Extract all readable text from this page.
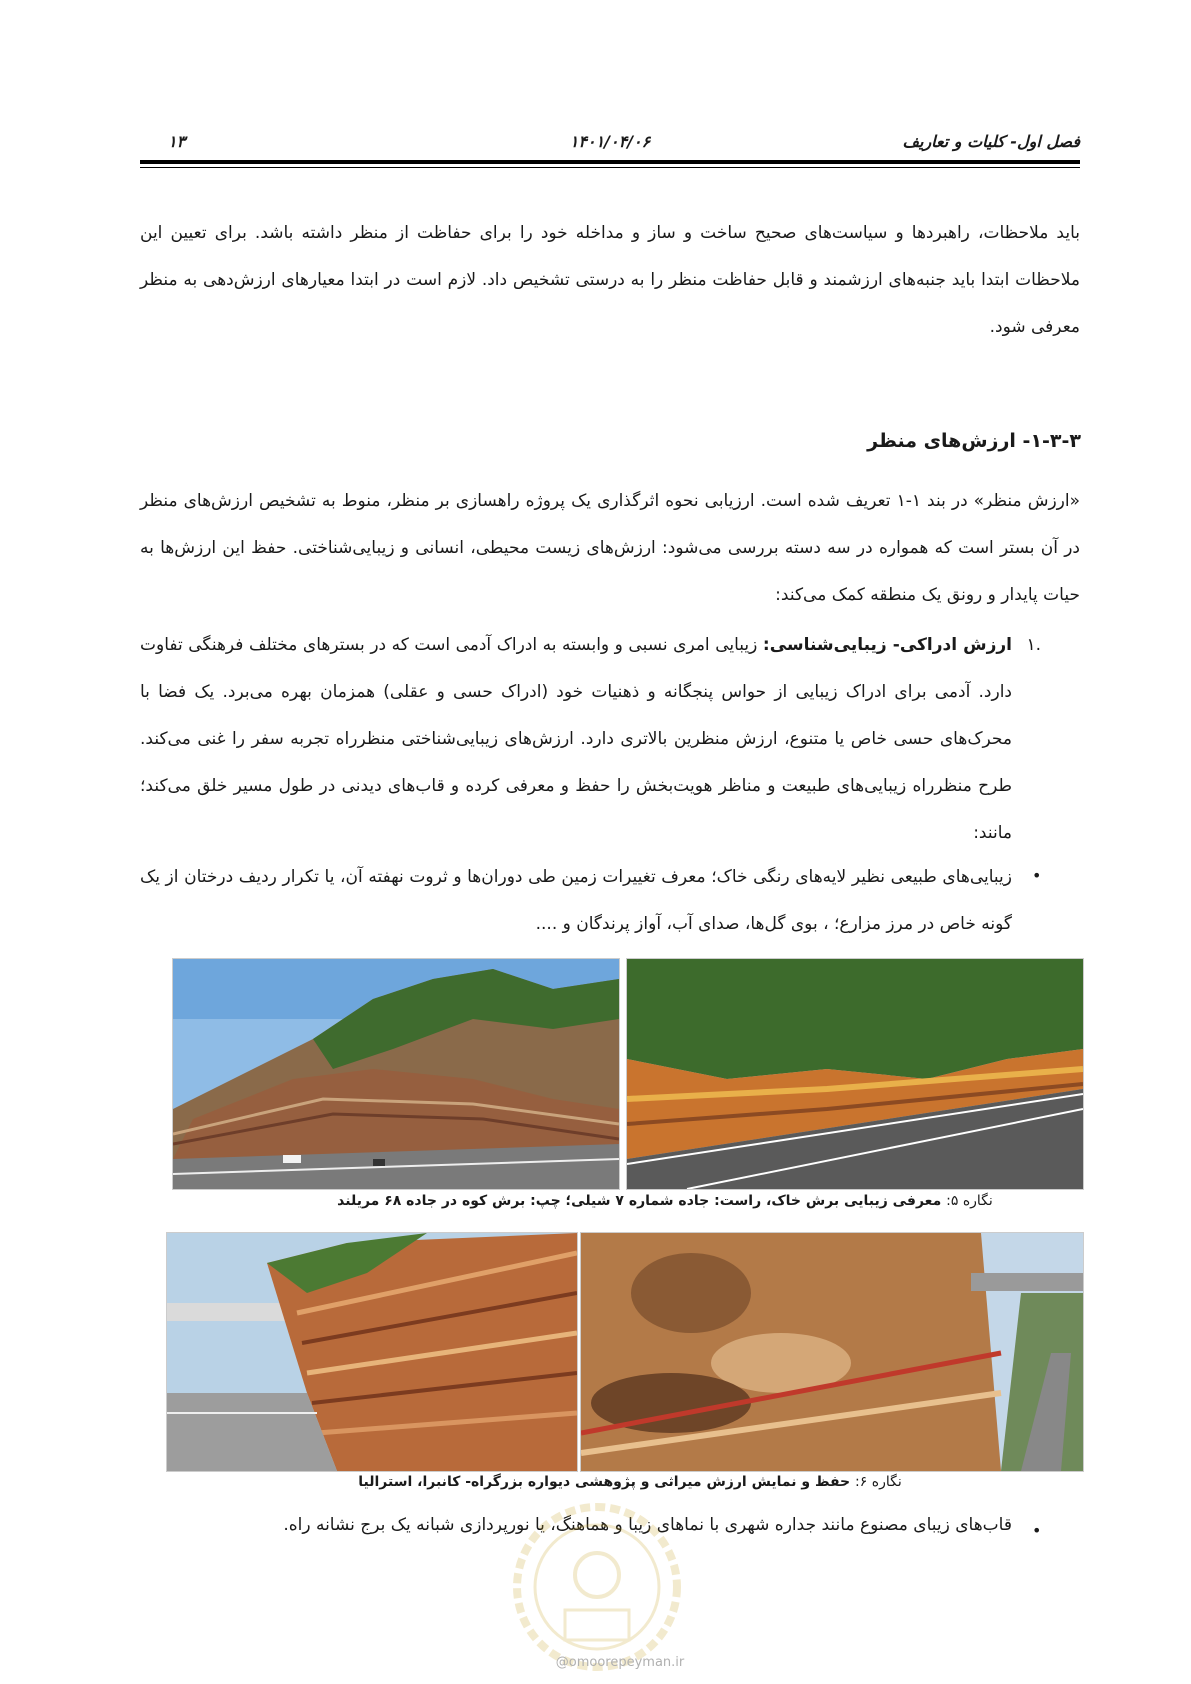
فصل اول- کلیات و تعاریف
۱۴۰۱/۰۴/۰۶
۱۳
باید ملاحظات، راهبردها و سیاست‌های صحیح ساخت و ساز و مداخله خود را برای حفاظت از منظر داشته باشد. برای تعیین این ملاحظات ابتدا باید جنبه‌های ارزشمند و قابل حفاظت منظر را به درستی تشخیص داد. لازم است در ابتدا معیارهای ارزش‌دهی به منظر معرفی شود.
۱-۳-۳- ارزش‌های منظر
«ارزش منظر» در بند ۱-۱ تعریف شده است. ارزیابی نحوه اثرگذاری یک پروژه راهسازی بر منظر، منوط به تشخیص ارزش‌های منظر در آن بستر است که همواره در سه دسته بررسی می‌شود: ارزش‌های زیست محیطی، انسانی و زیبایی‌شناختی. حفظ این ارزش‌ها به حیات پایدار و رونق یک منطقه کمک می‌کند:
۱.
ارزش ادراکی- زیبایی‌شناسی: زیبایی امری نسبی و وابسته به ادراک آدمی است که در بسترهای مختلف فرهنگی تفاوت دارد. آدمی برای ادراک زیبایی از حواس پنجگانه و ذهنیات خود (ادراک حسی و عقلی) همزمان بهره می‌برد. یک فضا با محرک‌های حسی خاص یا متنوع، ارزش منظرین بالاتری دارد. ارزش‌های زیبایی‌شناختی منظرراه تجربه سفر را غنی می‌کند. طرح منظرراه زیبایی‌های طبیعت و مناظر هویت‌بخش را حفظ و معرفی کرده و قاب‌های دیدنی در طول مسیر خلق می‌کند؛ مانند:
•
زیبایی‌های طبیعی نظیر لایه‌های رنگی خاک؛ معرف تغییرات زمین طی دوران‌ها و ثروت نهفته آن، یا تکرار ردیف درختان از یک گونه خاص در مرز مزارع؛ ، بوی گل‌ها، صدای آب، آواز پرندگان و ....
نگاره ۵: معرفی زیبایی برش خاک، راست: جاده شماره ۷ شیلی؛ چپ: برش کوه در جاده ۶۸ مریلند
نگاره ۶: حفظ و نمایش ارزش میراثی و پژوهشی دیواره بزرگراه- کانبرا، استرالیا
•
قاب‌های زیبای مصنوع مانند جداره شهری با نماهای زیبا و هماهنگ، یا نورپردازی شبانه یک برج نشانه راه.
@omoorepeyman.ir
